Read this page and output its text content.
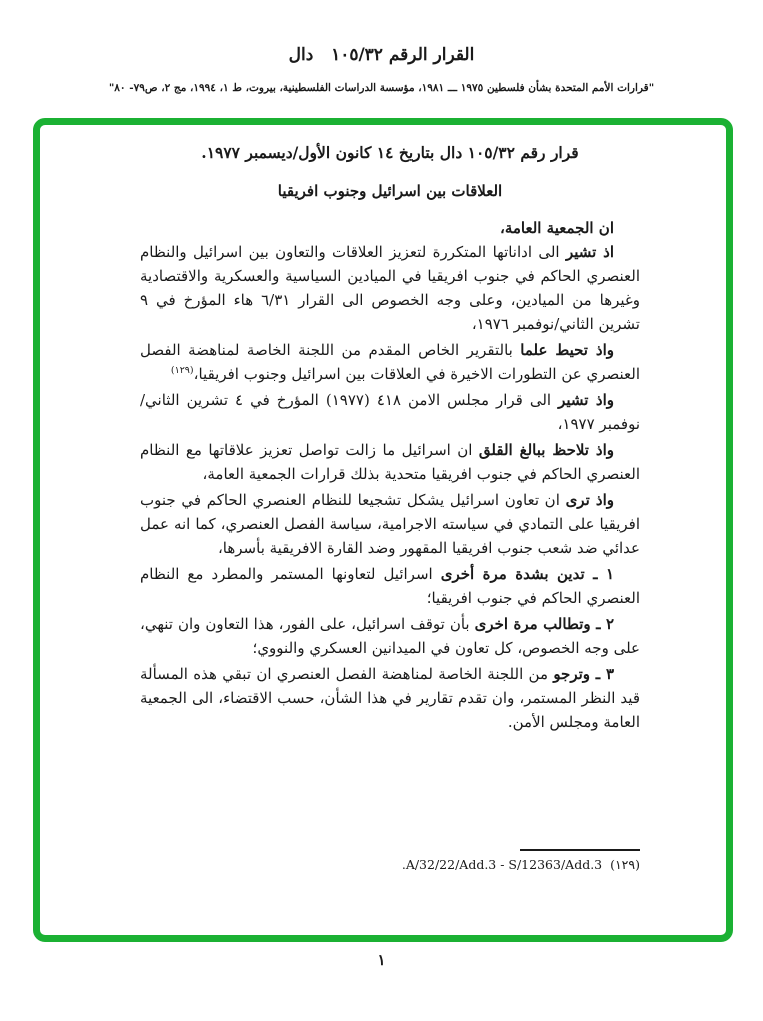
القرار الرقم ١٠٥/٣٢   دال
"قرارات الأمم المتحدة بشأن فلسطين ١٩٧٥ ـــ ١٩٨١، مؤسسة الدراسات الفلسطينية، بيروت، ط ١، ١٩٩٤، مج ٢، ص٧٩- ٨٠"
قرار رقم ١٠٥/٣٢ دال بتاريخ ١٤ كانون الأول/ديسمبر ١٩٧٧.
العلاقات بين اسرائيل وجنوب افريقيا
ان الجمعية العامة،

اذ تشير الى اداناتها المتكررة لتعزيز العلاقات والتعاون بين اسرائيل والنظام العنصري الحاكم في جنوب افريقيا في الميادين السياسية والعسكرية والاقتصادية وغيرها من الميادين، وعلى وجه الخصوص الى القرار ٦/٣١ هاء المؤرخ في ٩ تشرين الثاني/نوفمبر ١٩٧٦،

واذ تحيط علما بالتقرير الخاص المقدم من اللجنة الخاصة لمناهضة الفصل العنصري عن التطورات الاخيرة في العلاقات بين اسرائيل وجنوب افريقيا،$^{(١٢٩)}$

واذ تشير الى قرار مجلس الامن ٤١٨ (١٩٧٧) المؤرخ في ٤ تشرين الثاني/نوفمبر ١٩٧٧،

واذ تلاحظ ببالغ القلق ان اسرائيل ما زالت تواصل تعزيز علاقاتها مع النظام العنصري الحاكم في جنوب افريقيا متحدية بذلك قرارات الجمعية العامة،

واذ ترى ان تعاون اسرائيل يشكل تشجيعا للنظام العنصري الحاكم في جنوب افريقيا على التمادي في سياسته الاجرامية، سياسة الفصل العنصري، كما انه عمل عدائي ضد شعب جنوب افريقيا المقهور وضد القارة الافريقية بأسرها،

١ ـ تدين بشدة مرة أخرى اسرائيل لتعاونها المستمر والمطرد مع النظام العنصري الحاكم في جنوب افريقيا؛

٢ ـ وتطالب مرة اخرى بأن توقف اسرائيل، على الفور، هذا التعاون وان تنهي، على وجه الخصوص، كل تعاون في الميدانين العسكري والنووي؛

٣ ـ وترجو من اللجنة الخاصة لمناهضة الفصل العنصري ان تبقي هذه المسألة قيد النظر المستمر، وان تقدم تقارير في هذا الشأن، حسب الاقتضاء، الى الجمعية العامة ومجلس الأمن.

(١٢٩)  A/32/22/Add.3 - S/12363/Add.3.
١
